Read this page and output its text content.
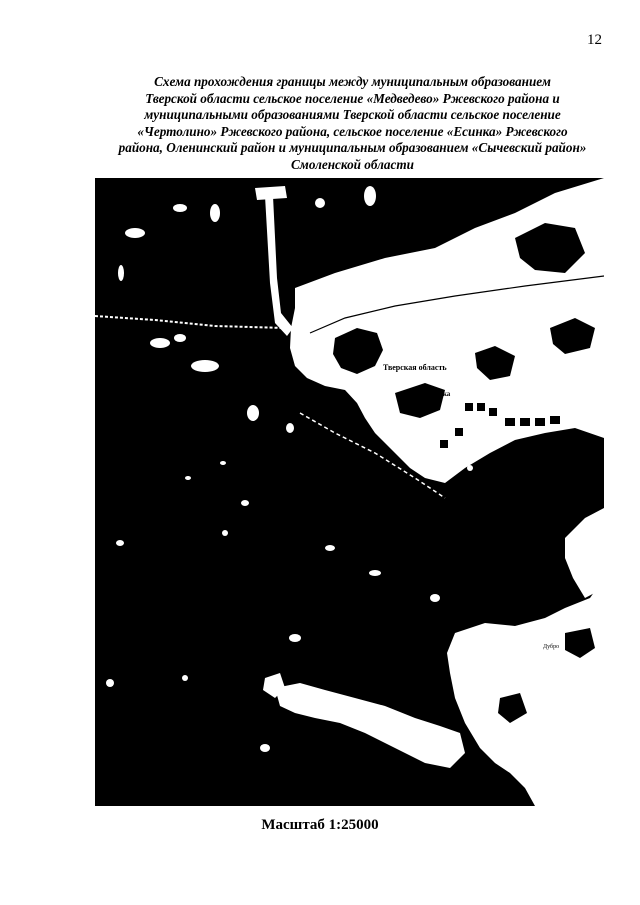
12
Схема прохождения границы между муниципальным образованием
Тверской области сельское поселение «Медведево» Ржевского района и
муниципальными образованиями Тверской области сельское поселение
«Чертолино» Ржевского района, сельское поселение «Есинка» Ржевского
района, Оленинский район и муниципальным образованием «Сычевский район»
Смоленской области
Тверская область
Есинка
Дубро
Масштаб 1:25000
